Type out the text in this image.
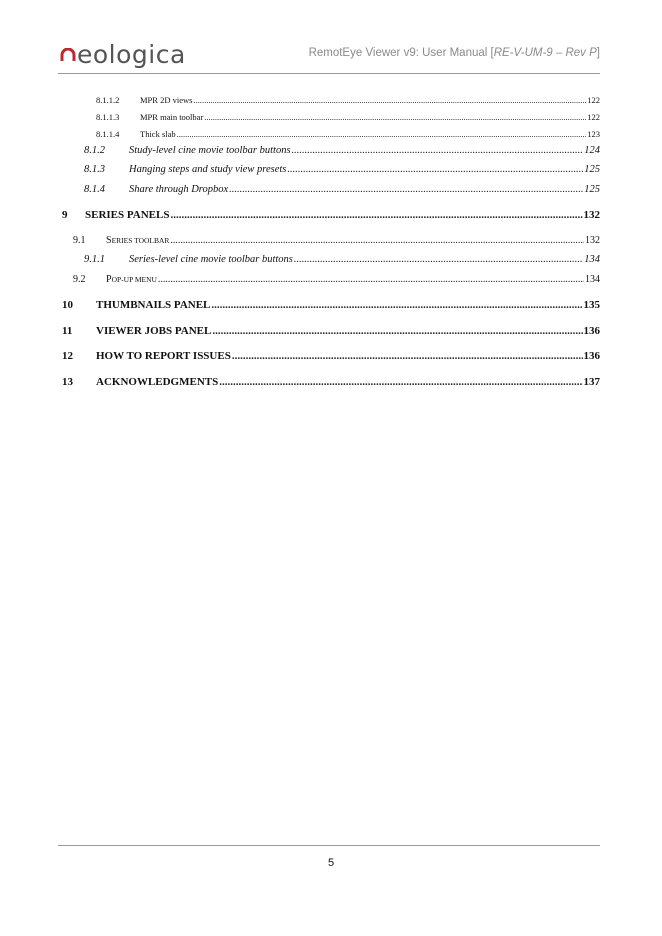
eologica	RemotEye Viewer v9: User Manual [RE-V-UM-9 – Rev P]
8.1.1.2	MPR 2D views .....	122
8.1.1.3	MPR main toolbar .....	122
8.1.1.4	Thick slab .....	123
8.1.2	Study-level cine movie toolbar buttons .....	124
8.1.3	Hanging steps and study view presets .....	125
8.1.4	Share through Dropbox .....	125
9	SERIES PANELS .....	132
9.1	SERIES TOOLBAR .....	132
9.1.1	Series-level cine movie toolbar buttons .....	134
9.2	POP-UP MENU .....	134
10	THUMBNAILS PANEL .....	135
11	VIEWER JOBS PANEL .....	136
12	HOW TO REPORT ISSUES .....	136
13	ACKNOWLEDGMENTS .....	137
5
